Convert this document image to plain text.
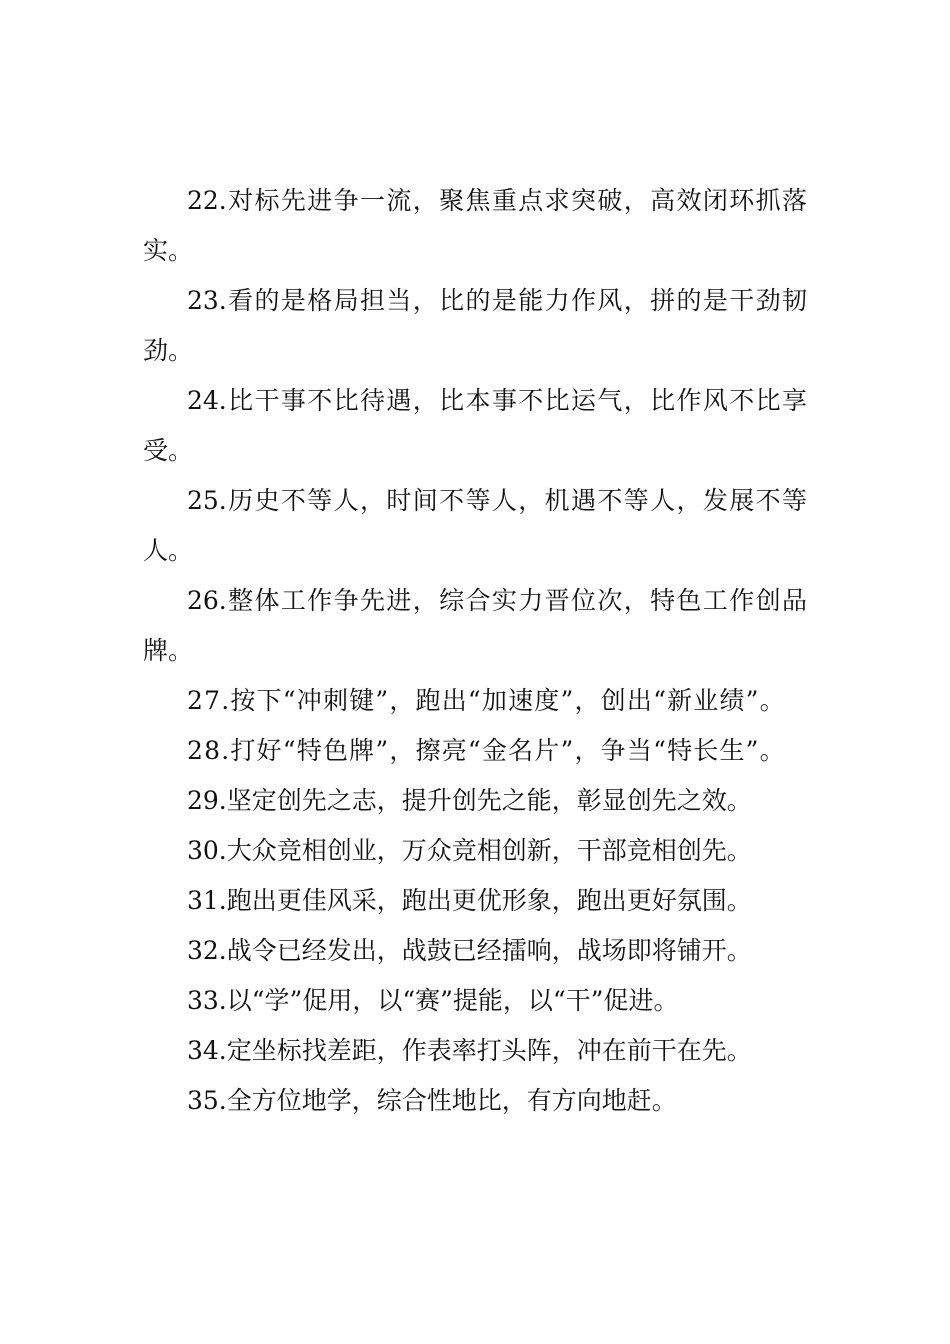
22.对标先进争一流，聚焦重点求突破，高效闭环抓落实。

23.看的是格局担当，比的是能力作风，拼的是干劲韧劲。

24.比干事不比待遇，比本事不比运气，比作风不比享受。

25.历史不等人，时间不等人，机遇不等人，发展不等人。

26.整体工作争先进，综合实力晋位次，特色工作创品牌。

27.按下“冲刺键”，跑出“加速度”，创出“新业绩”。

28.打好“特色牌”，擦亮“金名片”，争当“特长生”。

29.坚定创先之志，提升创先之能，彰显创先之效。

30.大众竞相创业，万众竞相创新，干部竞相创先。

31.跑出更佳风采，跑出更优形象，跑出更好氛围。

32.战令已经发出，战鼓已经擂响，战场即将铺开。

33.以“学”促用，以“赛”提能，以“干”促进。

34.定坐标找差距，作表率打头阵，冲在前干在先。

35.全方位地学，综合性地比，有方向地赶。
